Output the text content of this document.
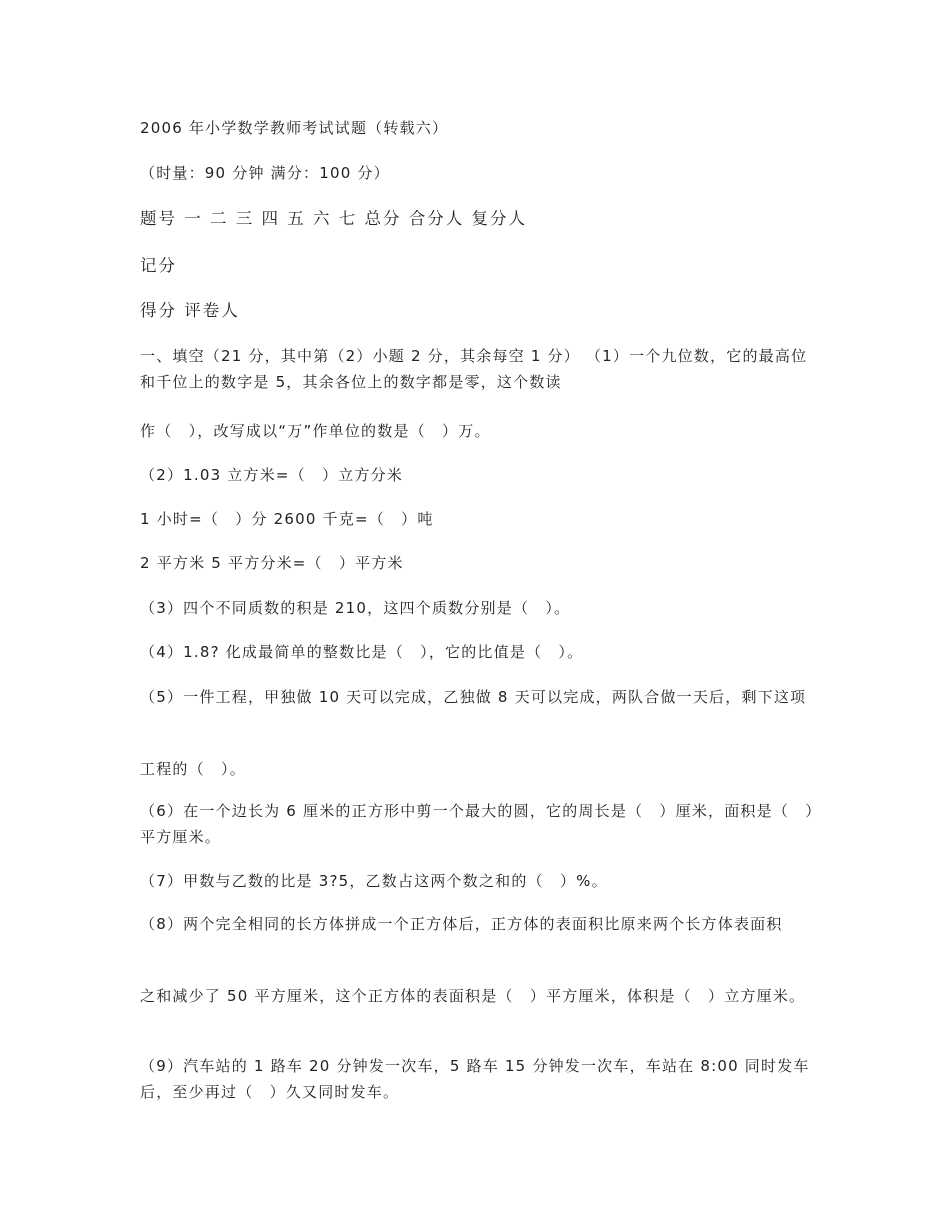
2006 年小学数学教师考试试题（转载六）
（时量：90 分钟 满分：100 分）
题号 一 二 三 四 五 六 七 总分 合分人 复分人
记分
得分 评卷人
一、填空（21 分，其中第（2）小题 2 分，其余每空 1 分） （1）一个九位数，它的最高位和千位上的数字是 5，其余各位上的数字都是零，这个数读
作（　），改写成以“万”作单位的数是（　）万。
（2）1.03 立方米=（　）立方分米
1 小时=（　）分 2600 千克=（　）吨
2 平方米 5 平方分米=（　）平方米
（3）四个不同质数的积是 210，这四个质数分别是（　）。
（4）1.8? 化成最简单的整数比是（　），它的比值是（　）。
（5）一件工程，甲独做 10 天可以完成，乙独做 8 天可以完成，两队合做一天后，剩下这项
工程的（　）。
（6）在一个边长为 6 厘米的正方形中剪一个最大的圆，它的周长是（　）厘米，面积是（　）平方厘米。
（7）甲数与乙数的比是 3?5，乙数占这两个数之和的（　）%。
（8）两个完全相同的长方体拼成一个正方体后，正方体的表面积比原来两个长方体表面积
之和减少了 50 平方厘米，这个正方体的表面积是（　）平方厘米，体积是（　）立方厘米。
（9）汽车站的 1 路车 20 分钟发一次车，5 路车 15 分钟发一次车，车站在 8:00 同时发车后，至少再过（　）久又同时发车。
